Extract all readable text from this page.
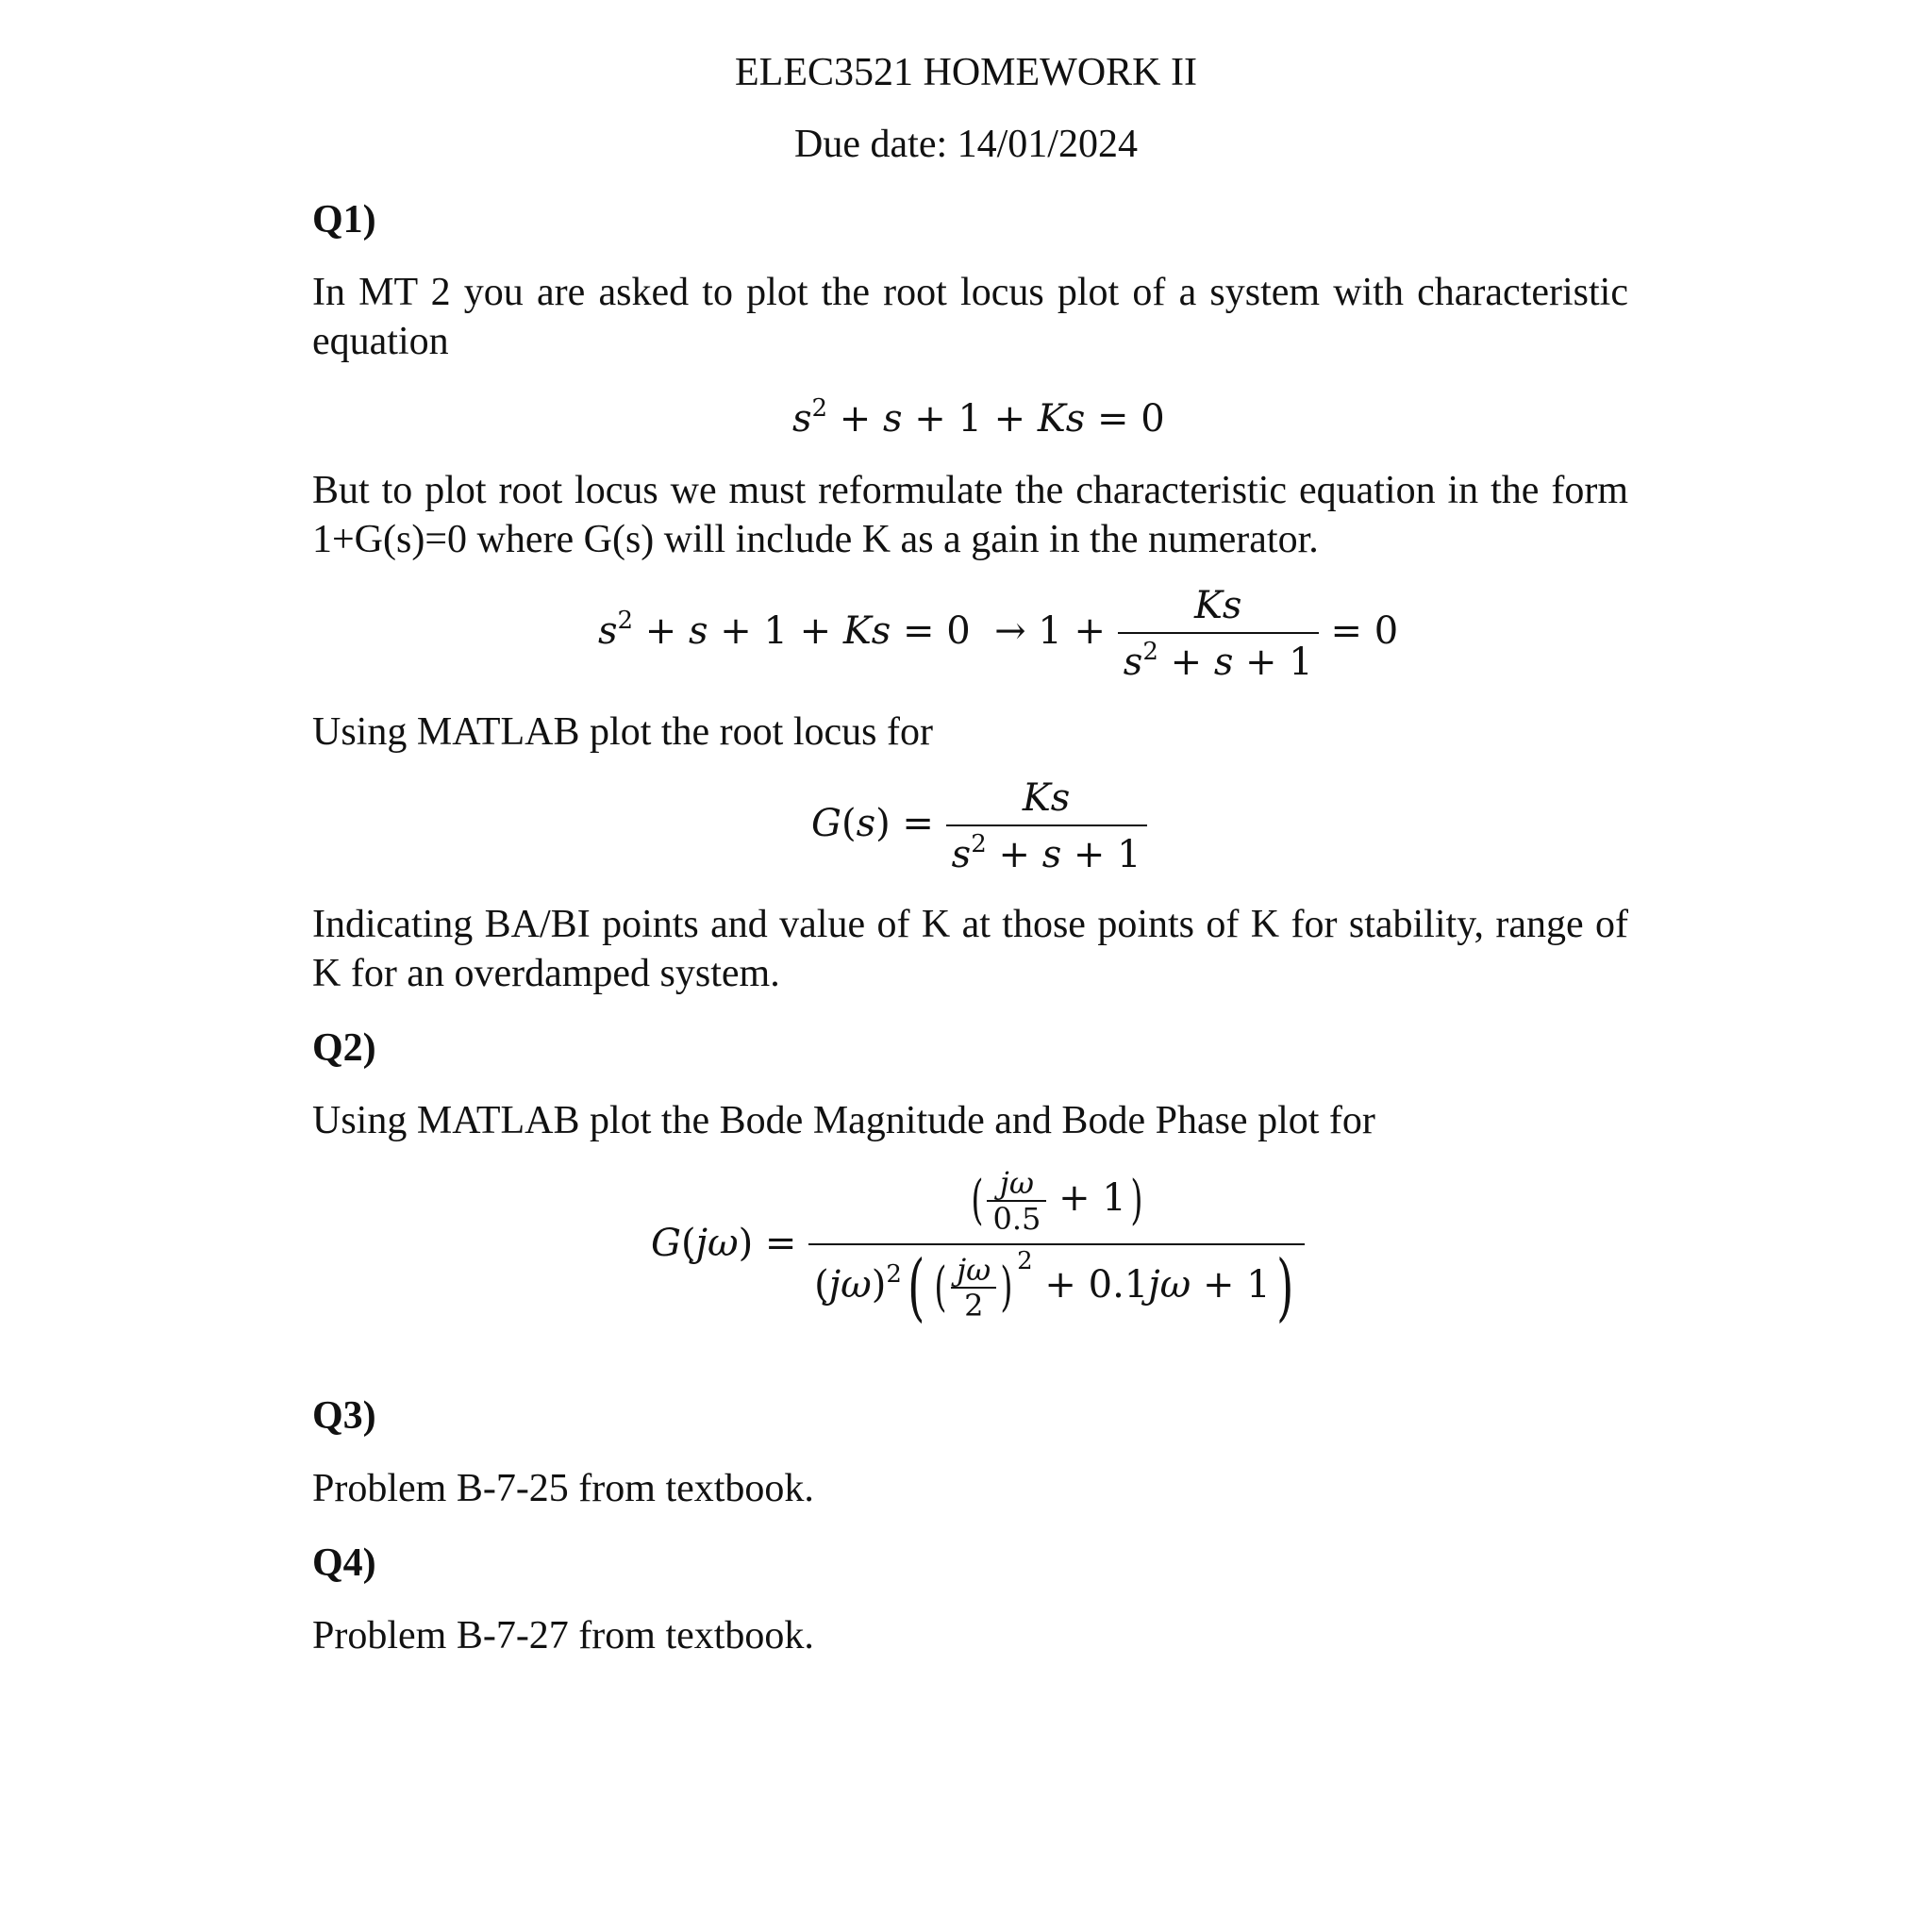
ELEC3521 HOMEWORK II
Due date: 14/01/2024
Q1)
In MT 2 you are asked to plot the root locus plot of a system with characteristic
equation
$s^2 + s + 1 + Ks = 0$
But to plot root locus we must reformulate the characteristic equation in the form
1+G(s)=0 where G(s) will include K as a gain in the numerator.
$s^2 + s + 1 + Ks = 0 \to 1 + \frac{Ks}{s^2 + s + 1} = 0$
Using MATLAB plot the root locus for
$G(s) = \frac{Ks}{s^2 + s + 1}$
Indicating BA/BI points and value of K at those points of K for stability, range of
K for an overdamped system.
Q2)
Using MATLAB plot the Bode Magnitude and Bode Phase plot for
$G(j\omega) = \frac{( \frac{j\omega}{0.5} + 1)}{(j\omega)^2( ( \frac{j\omega}{2} ) ^2 + 0.1j\omega + 1)}$
Q3)
Problem B-7-25 from textbook.
Q4)
Problem B-7-27 from textbook.
